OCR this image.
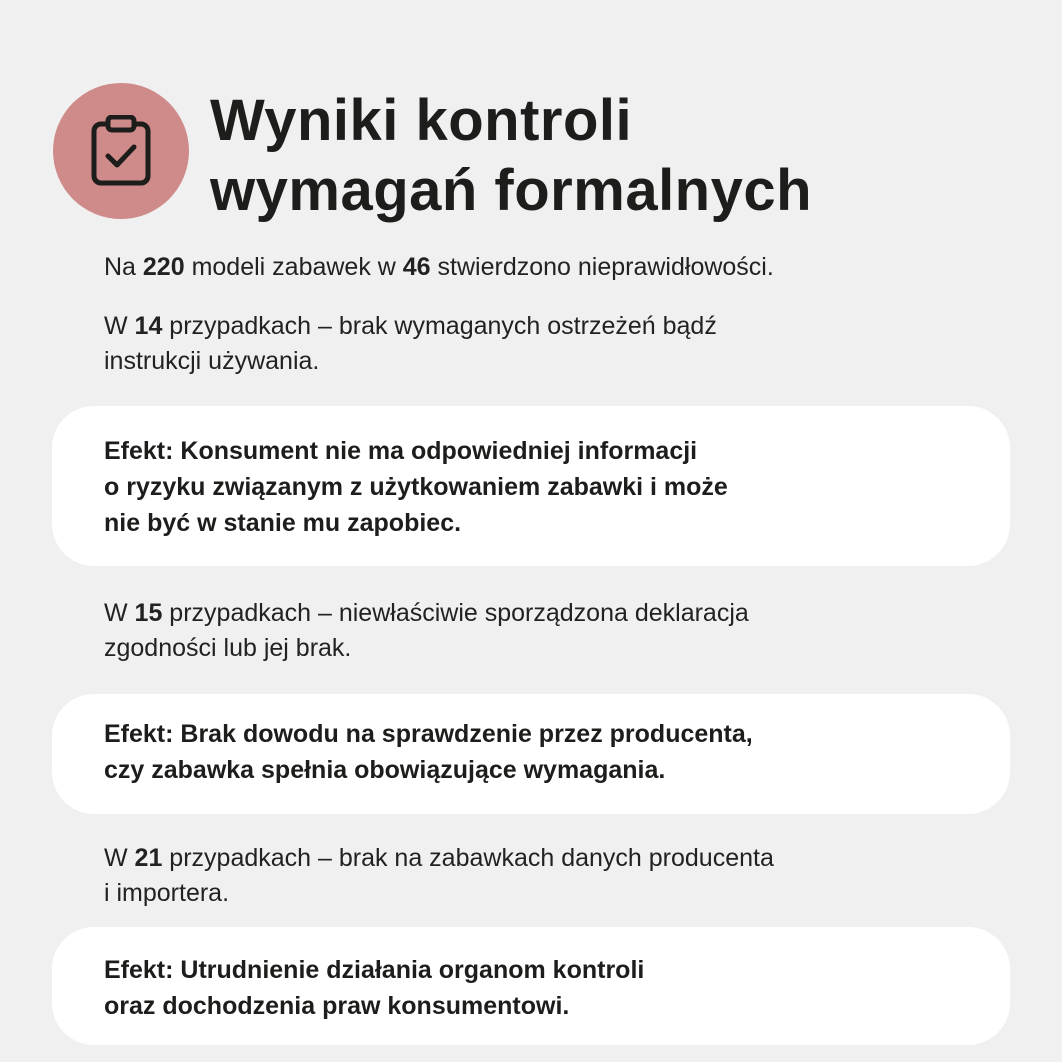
Wyniki kontroli
wymagań formalnych
Na 220 modeli zabawek w 46 stwierdzono nieprawidłowości.
W 14 przypadkach – brak wymaganych ostrzeżeń bądź
instrukcji używania.
Efekt: Konsument nie ma odpowiedniej informacji
o ryzyku związanym z użytkowaniem zabawki i może
nie być w stanie mu zapobiec.
W 15 przypadkach – niewłaściwie sporządzona deklaracja
zgodności lub jej brak.
Efekt: Brak dowodu na sprawdzenie przez producenta,
czy zabawka spełnia obowiązujące wymagania.
W 21 przypadkach – brak na zabawkach danych producenta
i importera.
Efekt: Utrudnienie działania organom kontroli
oraz dochodzenia praw konsumentowi.
